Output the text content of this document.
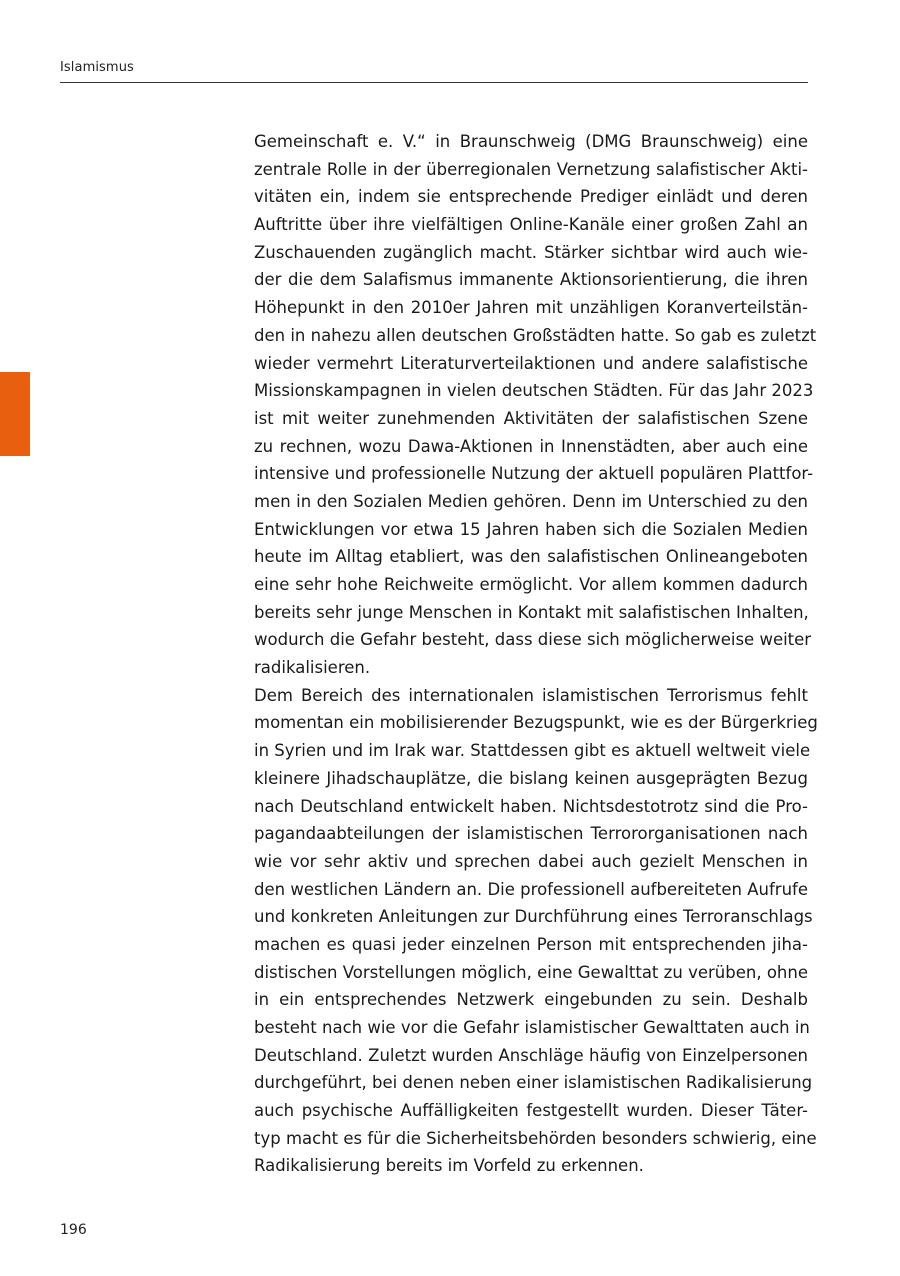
Islamismus
Gemeinschaft e. V.“ in Braunschweig (DMG Braunschweig) eine
zentrale Rolle in der überregionalen Vernetzung salafistischer Akti-
vitäten ein, indem sie entsprechende Prediger einlädt und deren
Auftritte über ihre vielfältigen Online-Kanäle einer großen Zahl an
Zuschauenden zugänglich macht. Stärker sichtbar wird auch wie-
der die dem Salafismus immanente Aktionsorientierung, die ihren
Höhepunkt in den 2010er Jahren mit unzähligen Koranverteilstän-
den in nahezu allen deutschen Großstädten hatte. So gab es zuletzt
wieder vermehrt Literaturverteilaktionen und andere salafistische
Missionskampagnen in vielen deutschen Städten. Für das Jahr 2023
ist mit weiter zunehmenden Aktivitäten der salafistischen Szene
zu rechnen, wozu Dawa-Aktionen in Innenstädten, aber auch eine
intensive und professionelle Nutzung der aktuell populären Plattfor-
men in den Sozialen Medien gehören. Denn im Unterschied zu den
Entwicklungen vor etwa 15 Jahren haben sich die Sozialen Medien
heute im Alltag etabliert, was den salafistischen Onlineangeboten
eine sehr hohe Reichweite ermöglicht. Vor allem kommen dadurch
bereits sehr junge Menschen in Kontakt mit salafistischen Inhalten,
wodurch die Gefahr besteht, dass diese sich möglicherweise weiter
radikalisieren.
Dem Bereich des internationalen islamistischen Terrorismus fehlt
momentan ein mobilisierender Bezugspunkt, wie es der Bürgerkrieg
in Syrien und im Irak war. Stattdessen gibt es aktuell weltweit viele
kleinere Jihadschauplätze, die bislang keinen ausgeprägten Bezug
nach Deutschland entwickelt haben. Nichtsdestotrotz sind die Pro-
pagandaabteilungen der islamistischen Terrororganisationen nach
wie vor sehr aktiv und sprechen dabei auch gezielt Menschen in
den westlichen Ländern an. Die professionell aufbereiteten Aufrufe
und konkreten Anleitungen zur Durchführung eines Terroranschlags
machen es quasi jeder einzelnen Person mit entsprechenden jiha-
distischen Vorstellungen möglich, eine Gewalttat zu verüben, ohne
in ein entsprechendes Netzwerk eingebunden zu sein. Deshalb
besteht nach wie vor die Gefahr islamistischer Gewalttaten auch in
Deutschland. Zuletzt wurden Anschläge häufig von Einzelpersonen
durchgeführt, bei denen neben einer islamistischen Radikalisierung
auch psychische Auffälligkeiten festgestellt wurden. Dieser Täter-
typ macht es für die Sicherheitsbehörden besonders schwierig, eine
Radikalisierung bereits im Vorfeld zu erkennen.
196
